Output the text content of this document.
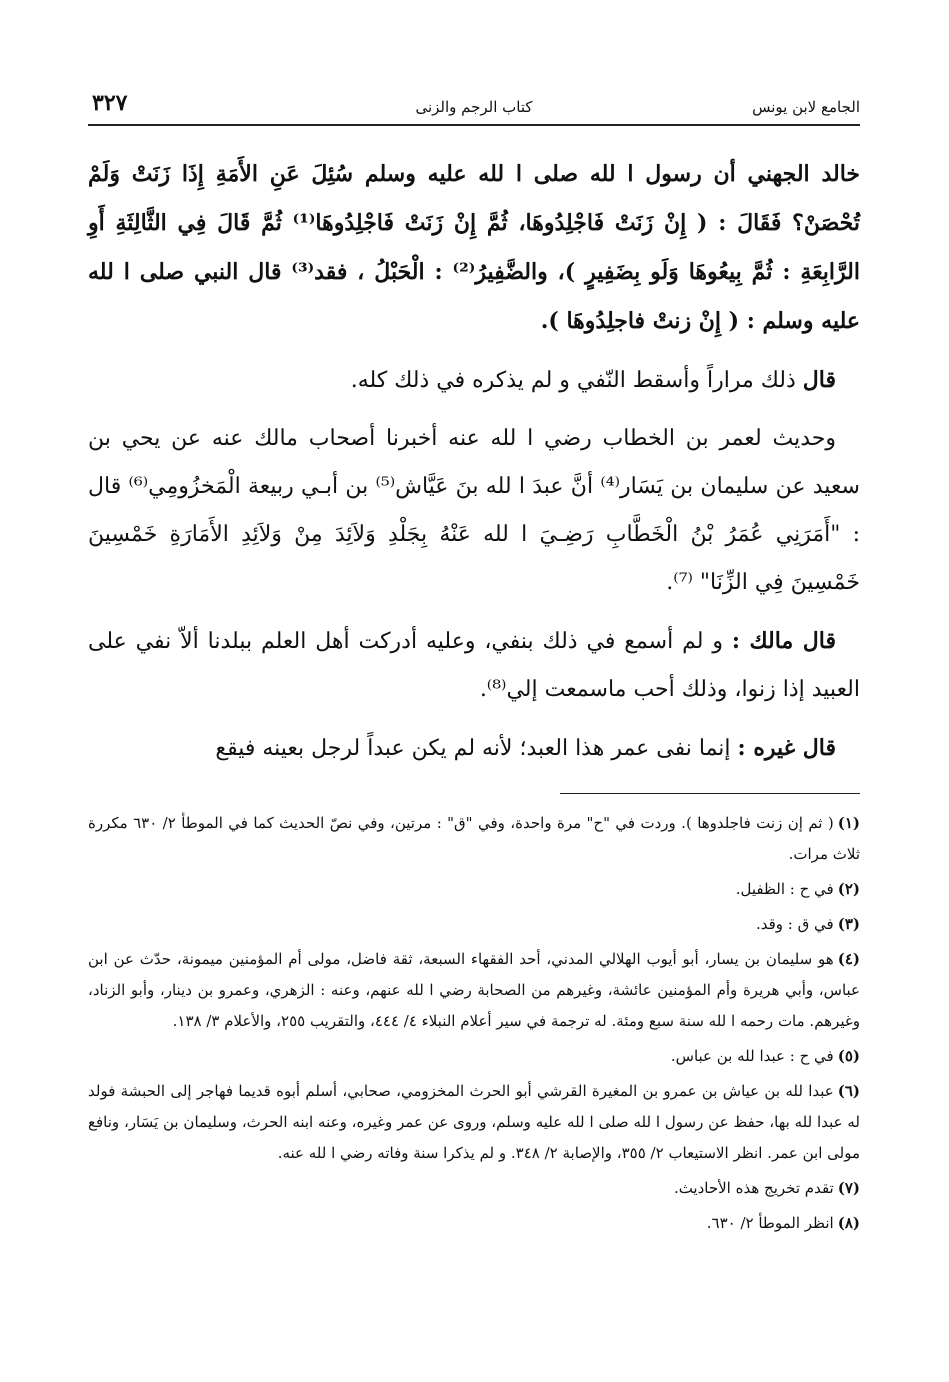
الجامع لابن يونس
كتاب الرجم والزنى
٣٢٧

خالد الجهني أن رسول ا لله صلى ا لله عليه وسلم سُئِلَ عَنِ الأَمَةِ إِذَا زَنَتْ وَلَمْ تُحْصَنْ؟ فَقَالَ : ( إِنْ زَنَتْ فَاجْلِدُوهَا، ثُمَّ إِنْ زَنَتْ فَاجْلِدُوهَا⁽¹⁾ ثُمَّ قَالَ فِي الثَّالِثَةِ أَوِ الرَّابِعَةِ : ثُمَّ بِيعُوهَا وَلَو بِضَفِيرٍ )، والضَّفِيرُ⁽²⁾ : الْحَبْلُ ، فقد⁽³⁾ قال النبي صلى ا لله عليه وسلم : ( إِنْ زنتْ فاجلِدُوهَا ).

قال ذلك مراراً وأسقط النّفي و لم يذكره في ذلك كله.

وحديث لعمر بن الخطاب رضي ا لله عنه أخبرنا أصحاب مالك عنه عن يحي بن سعيد عن سليمان بن يَسَار⁽⁴⁾ أنَّ عبدَ ا لله بنَ عَيَّاش⁽⁵⁾ بن أبـي ربيعة الْمَخزُومِي⁽⁶⁾ قال : "أَمَرَنِي عُمَرُ بْنُ الْخَطَّابِ رَضِـيَ ا لله عَنْهُ بِجَلْدِ وَلاَئِدَ مِنْ وَلاَئِدِ الأَمَارَةِ خَمْسِينَ خَمْسِينَ فِي الزِّنَا" ⁽⁷⁾.

قال مالك : و لم أسمع في ذلك بنفي، وعليه أدركت أهل العلم ببلدنا ألاّ نفي على العبيد إذا زنوا، وذلك أحب ماسمعت إلي⁽⁸⁾.

قال غيره : إنما نفى عمر هذا العبد؛ لأنه لم يكن عبداً لرجل بعينه فيقع

(١)( ثم إن زنت فاجلدوها ). وردت في "ح" مرة واحدة، وفي "ق" : مرتين، وفي نصّ الحديث كما في الموطأ ٢/ ٦٣٠ مكررة ثلاث مرات.
(٢)في ح : الظفيل.
(٣)في ق : وقد.
(٤)هو سليمان بن يسار، أبو أيوب الهلالي المدني، أحد الفقهاء السبعة، ثقة فاضل، مولى أم المؤمنين ميمونة، حدّث عن ابن عباس، وأبي هريرة وأم المؤمنين عائشة، وغيرهم من الصحابة رضي ا لله عنهم، وعنه : الزهري، وعمرو بن دينار، وأبو الزناد، وغيرهم. مات رحمه ا لله سنة سبع ومئة. له ترجمة في سير أعلام النبلاء ٤/ ٤٤٤، والتقريب ٢٥٥، والأعلام ٣/ ١٣٨.
(٥)في ح : عبدا لله بن عباس.
(٦)عبدا لله بن عياش بن عمرو بن المغيرة القرشي أبو الحرث المخزومي، صحابي، أسلم أبوه قديما فهاجر إلى الحبشة فولد له عبدا لله بها، حفظ عن رسول ا لله صلى ا لله عليه وسلم، وروى عن عمر وغيره، وعنه ابنه الحرث، وسليمان بن يَسَار، ونافع مولى ابن عمر. انظر الاستيعاب ٢/ ٣٥٥، والإصابة ٢/ ٣٤٨. و لم يذكرا سنة وفاته رضي ا لله عنه.
(٧)تقدم تخريج هذه الأحاديث.
(٨)انظر الموطأ ٢/ ٦٣٠.
